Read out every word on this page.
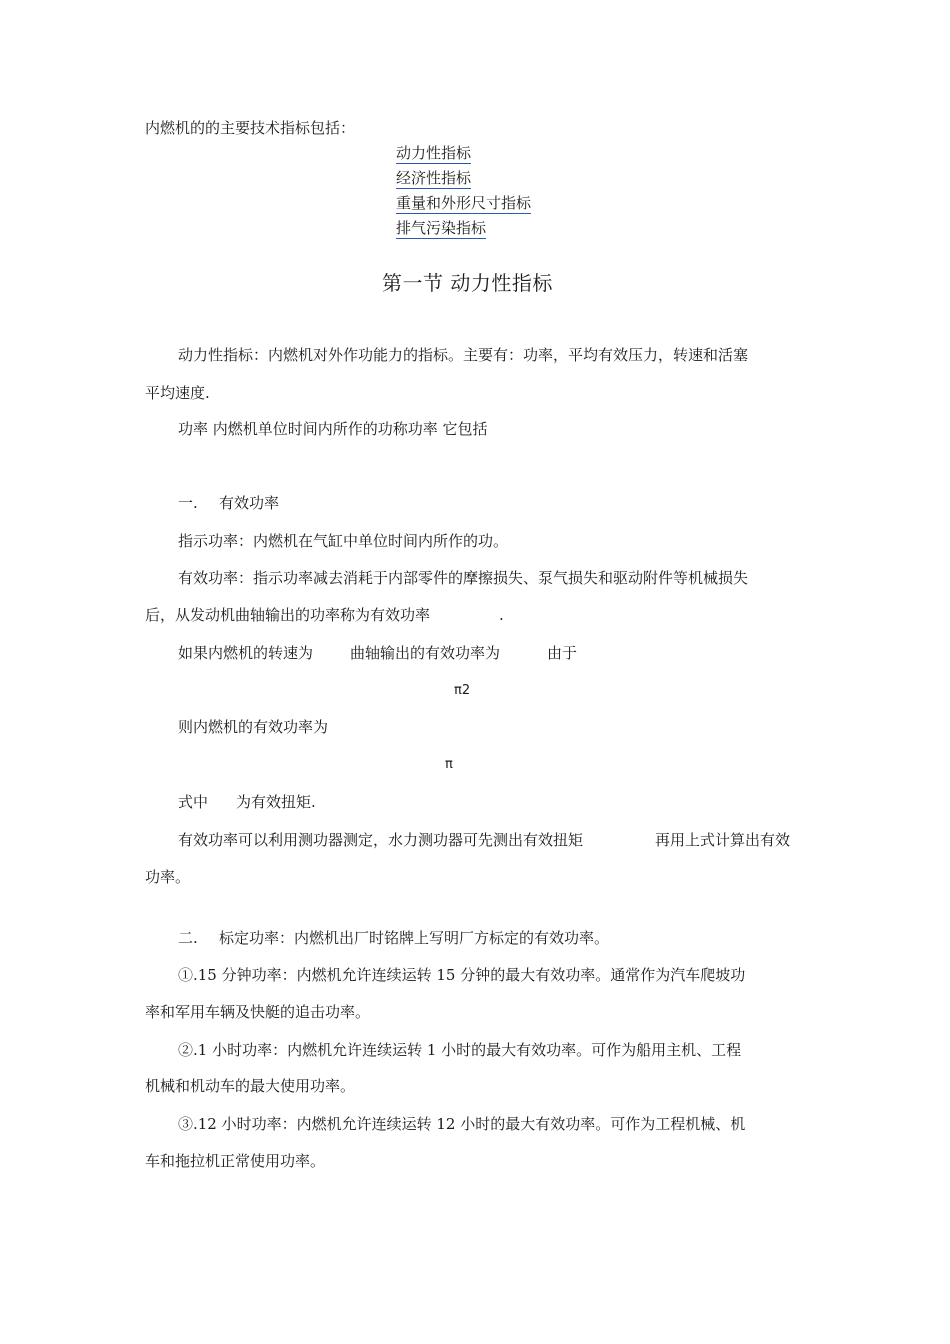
内燃机的的主要技术指标包括：
动力性指标
经济性指标
重量和外形尺寸指标
排气污染指标
第一节 动力性指标
动力性指标：内燃机对外作功能力的指标。主要有：功率，平均有效压力，转速和活塞
平均速度.
功率 内燃机单位时间内所作的功称功率 它包括
一. 有效功率
指示功率：内燃机在气缸中单位时间内所作的功。
有效功率：指示功率减去消耗于内部零件的摩擦损失、泵气损失和驱动附件等机械损失
后，从发动机曲轴输出的功率称为有效功率	.
如果内燃机的转速为 曲轴输出的有效功率为	由于
π2
则内燃机的有效功率为
π
式中 为有效扭矩.
有效功率可以利用测功器测定，水力测功器可先测出有效扭矩	再用上式计算出有效
功率。
二. 标定功率：内燃机出厂时铭牌上写明厂方标定的有效功率。
①.15 分钟功率：内燃机允许连续运转 15 分钟的最大有效功率。通常作为汽车爬坡功
率和军用车辆及快艇的追击功率。
②.1 小时功率：内燃机允许连续运转 1 小时的最大有效功率。可作为船用主机、工程
机械和机动车的最大使用功率。
③.12 小时功率：内燃机允许连续运转 12 小时的最大有效功率。可作为工程机械、机
车和拖拉机正常使用功率。
